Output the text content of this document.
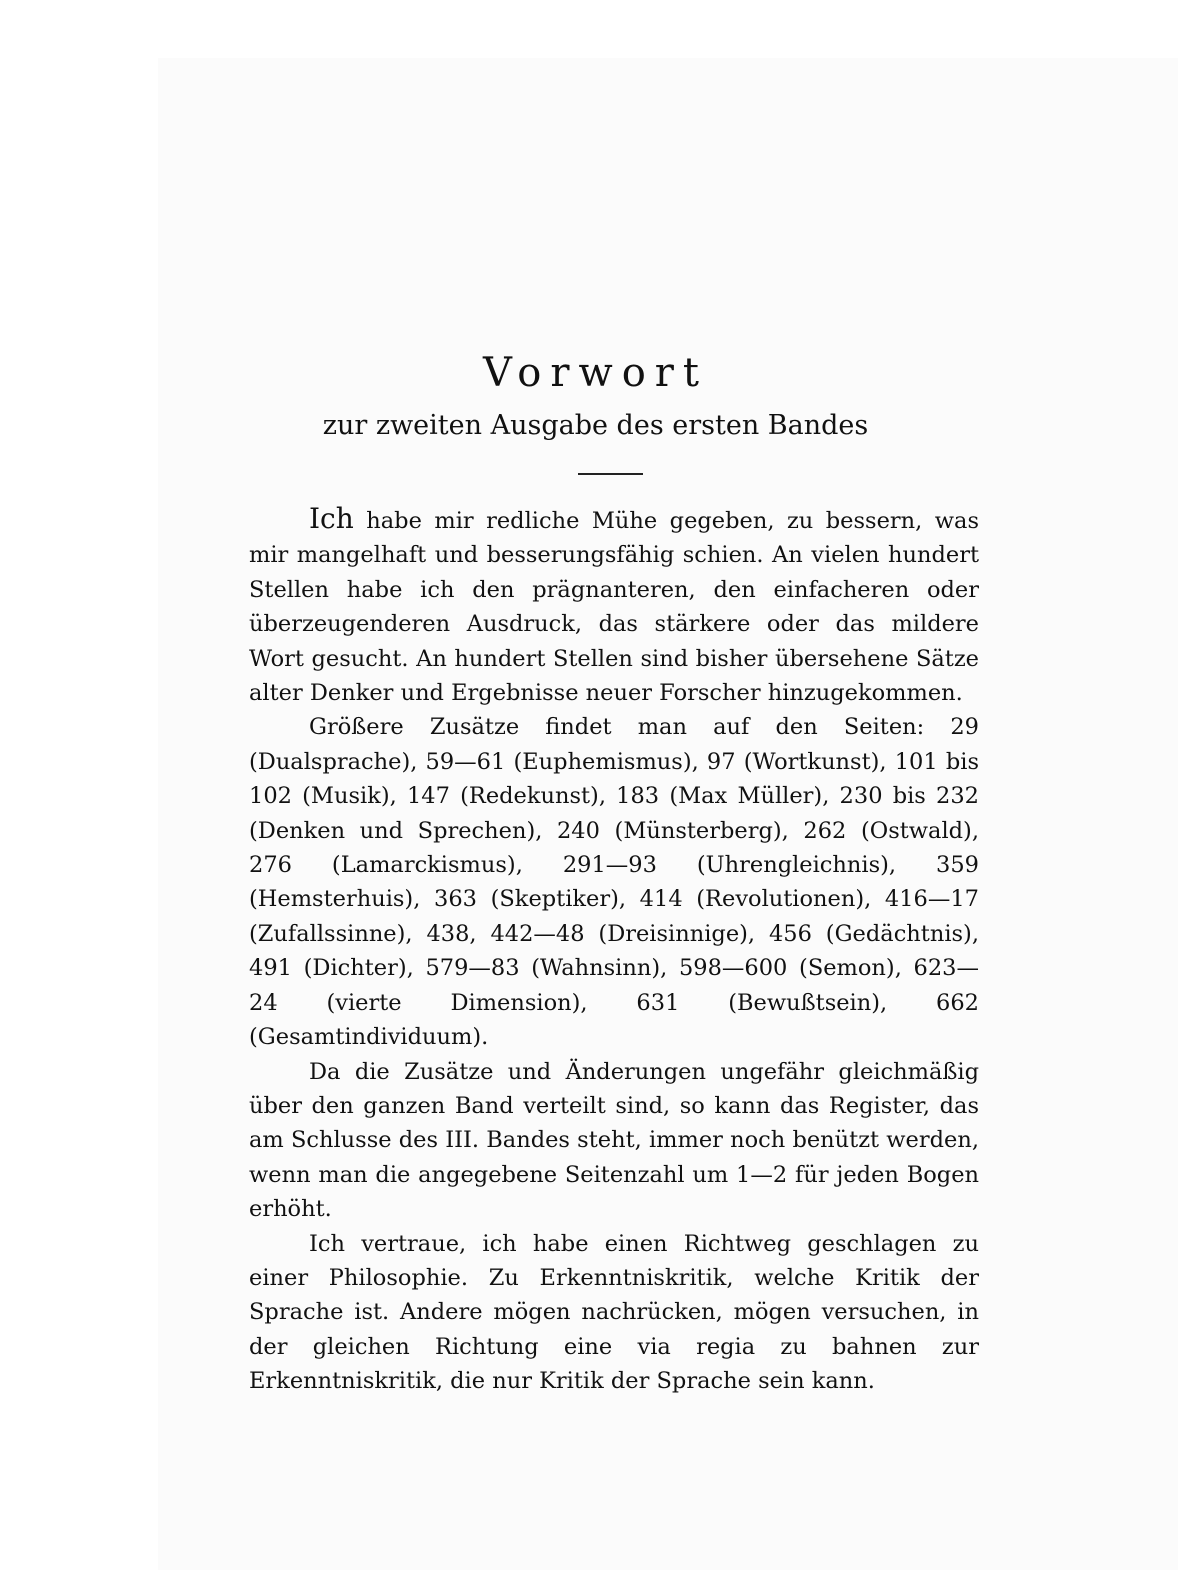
Vorwort
zur zweiten Ausgabe des ersten Bandes

Ich habe mir redliche Mühe gegeben, zu bessern, was mir mangelhaft und besserungsfähig schien. An vielen hundert Stellen habe ich den prägnanteren, den einfacheren oder überzeugenderen Ausdruck, das stärkere oder das mildere Wort gesucht. An hundert Stellen sind bisher übersehene Sätze alter Denker und Ergebnisse neuer Forscher hinzugekommen.

Größere Zusätze findet man auf den Seiten: 29 (Dualsprache), 59—61 (Euphemismus), 97 (Wortkunst), 101 bis 102 (Musik), 147 (Redekunst), 183 (Max Müller), 230 bis 232 (Denken und Sprechen), 240 (Münsterberg), 262 (Ostwald), 276 (Lamarckismus), 291—93 (Uhrengleichnis), 359 (Hemsterhuis), 363 (Skeptiker), 414 (Revolutionen), 416—17 (Zufallssinne), 438, 442—48 (Dreisinnige), 456 (Gedächtnis), 491 (Dichter), 579—83 (Wahnsinn), 598—600 (Semon), 623—24 (vierte Dimension), 631 (Bewußtsein), 662 (Gesamtindividuum).

Da die Zusätze und Änderungen ungefähr gleichmäßig über den ganzen Band verteilt sind, so kann das Register, das am Schlusse des III. Bandes steht, immer noch benützt werden, wenn man die angegebene Seitenzahl um 1—2 für jeden Bogen erhöht.

Ich vertraue, ich habe einen Richtweg geschlagen zu einer Philosophie. Zu Erkenntniskritik, welche Kritik der Sprache ist. Andere mögen nachrücken, mögen versuchen, in der gleichen Richtung eine via regia zu bahnen zur Erkenntniskritik, die nur Kritik der Sprache sein kann.
